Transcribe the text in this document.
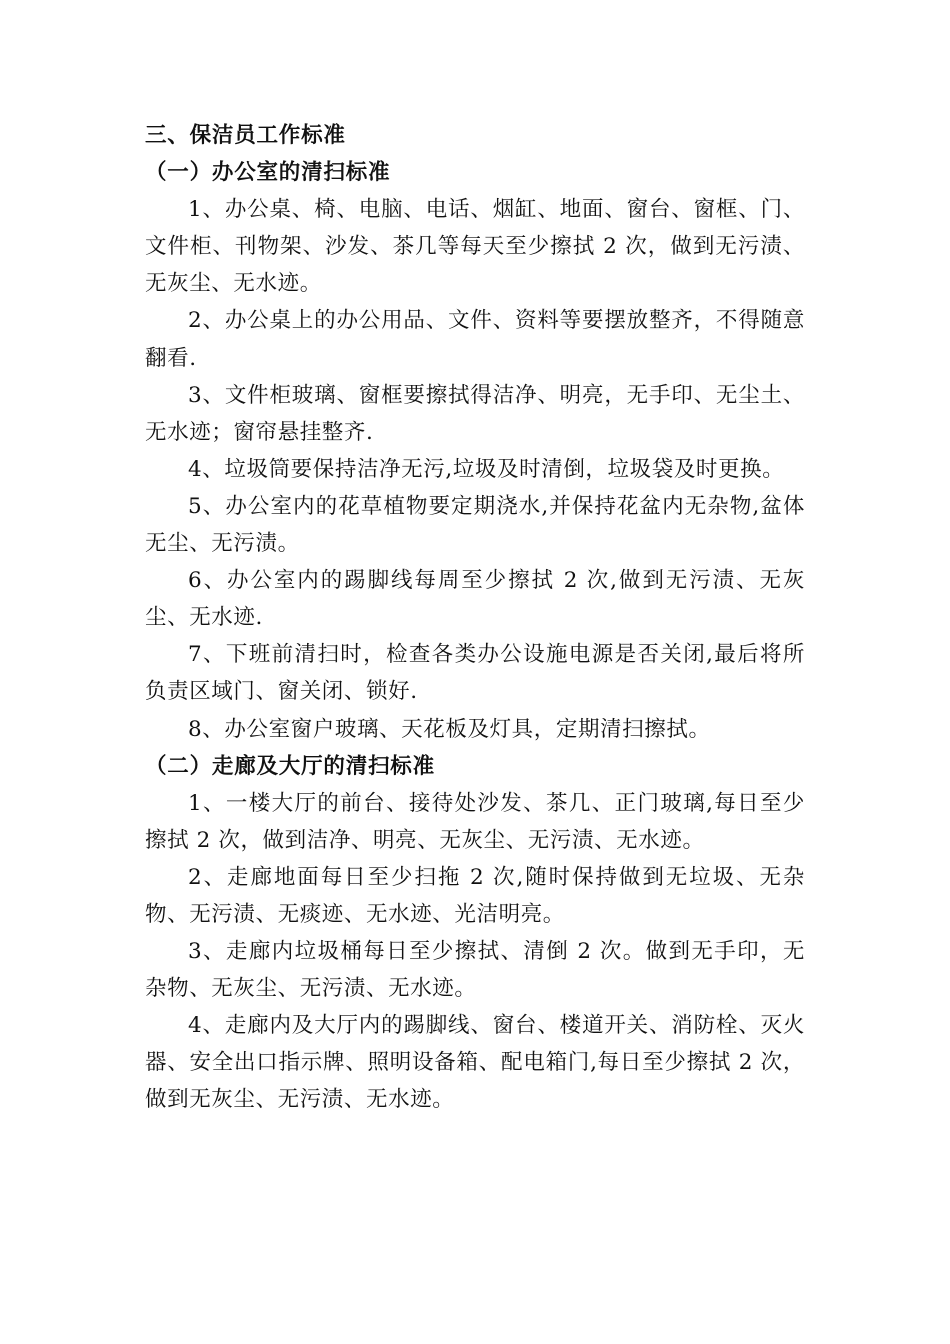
三、保洁员工作标准
（一）办公室的清扫标准

1、办公桌、椅、电脑、电话、烟缸、地面、窗台、窗框、门、文件柜、刊物架、沙发、茶几等每天至少擦拭 2 次，做到无污渍、无灰尘、无水迹。

2、办公桌上的办公用品、文件、资料等要摆放整齐，不得随意翻看.

3、文件柜玻璃、窗框要擦拭得洁净、明亮，无手印、无尘土、无水迹；窗帘悬挂整齐.

4、垃圾筒要保持洁净无污,垃圾及时清倒，垃圾袋及时更换。

5、办公室内的花草植物要定期浇水,并保持花盆内无杂物,盆体无尘、无污渍。

6、办公室内的踢脚线每周至少擦拭 2 次,做到无污渍、无灰尘、无水迹.

7、下班前清扫时，检查各类办公设施电源是否关闭,最后将所负责区域门、窗关闭、锁好.

8、办公室窗户玻璃、天花板及灯具，定期清扫擦拭。

（二）走廊及大厅的清扫标准

1、一楼大厅的前台、接待处沙发、茶几、正门玻璃,每日至少擦拭 2 次，做到洁净、明亮、无灰尘、无污渍、无水迹。

2、走廊地面每日至少扫拖 2 次,随时保持做到无垃圾、无杂物、无污渍、无痰迹、无水迹、光洁明亮。

3、走廊内垃圾桶每日至少擦拭、清倒 2 次。做到无手印，无杂物、无灰尘、无污渍、无水迹。

4、走廊内及大厅内的踢脚线、窗台、楼道开关、消防栓、灭火器、安全出口指示牌、照明设备箱、配电箱门,每日至少擦拭 2 次，做到无灰尘、无污渍、无水迹。
